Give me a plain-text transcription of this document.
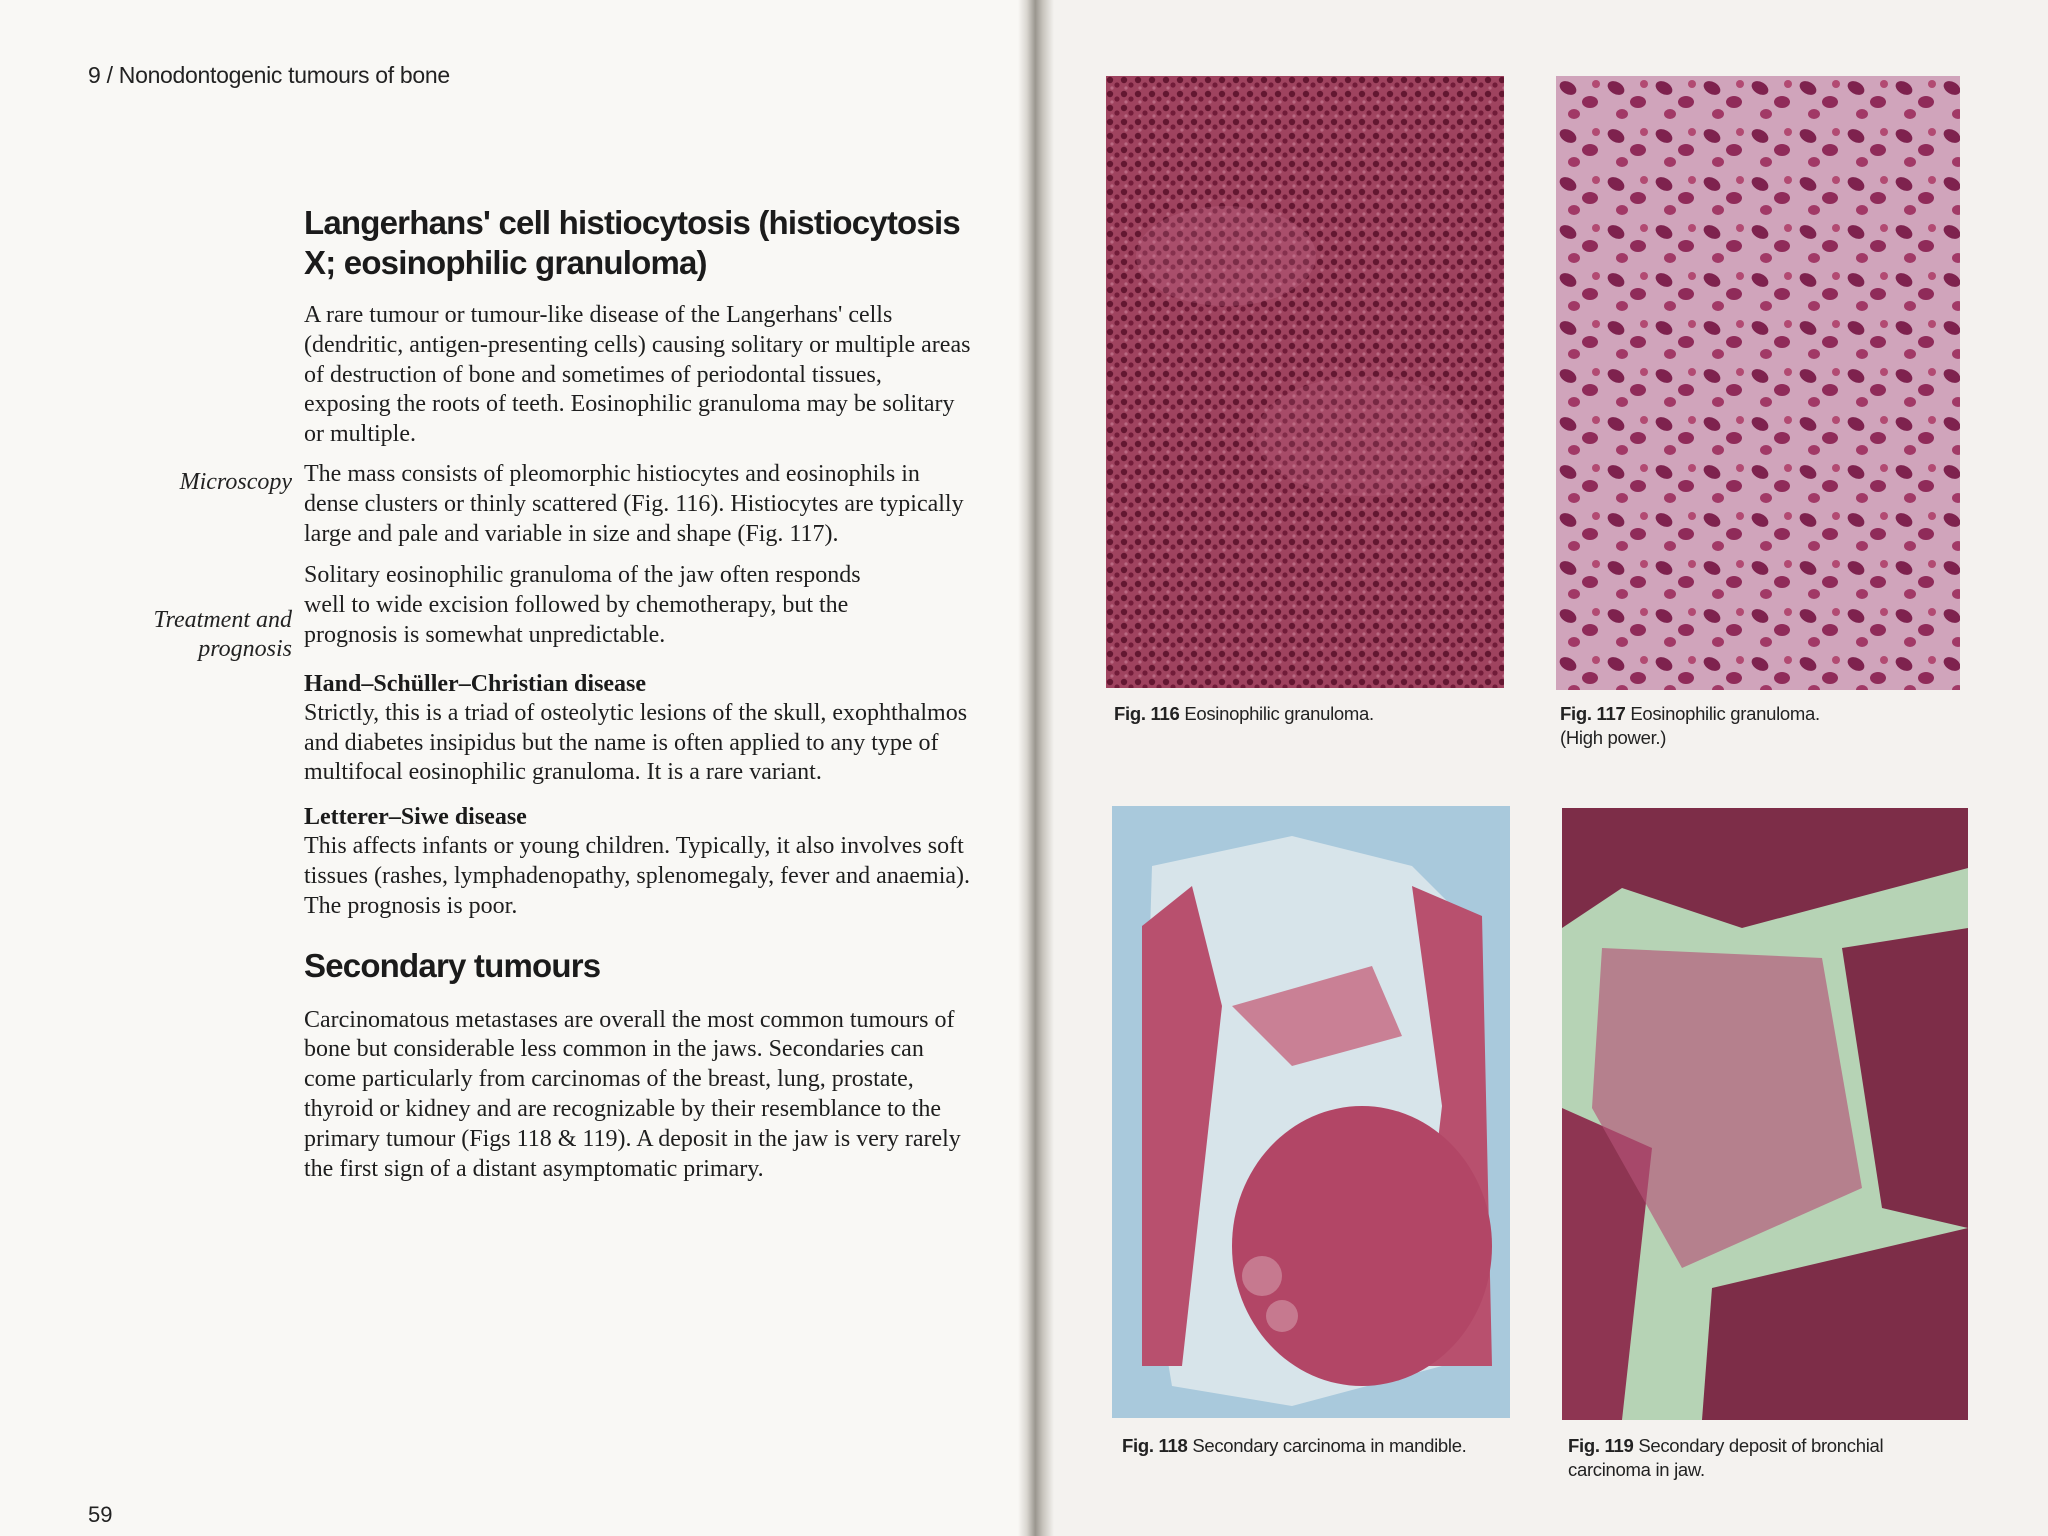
9 / Nonodontogenic tumours of bone
Langerhans' cell histiocytosis (histiocytosis X; eosinophilic granuloma)

A rare tumour or tumour-like disease of the Langerhans' cells (dendritic, antigen-presenting cells) causing solitary or multiple areas of destruction of bone and sometimes of periodontal tissues, exposing the roots of teeth. Eosinophilic granuloma may be solitary or multiple.

The mass consists of pleomorphic histiocytes and eosinophils in dense clusters or thinly scattered (Fig. 116). Histiocytes are typically large and pale and variable in size and shape (Fig. 117).

Solitary eosinophilic granuloma of the jaw often responds well to wide excision followed by chemotherapy, but the prognosis is somewhat unpredictable.

Hand–Schüller–Christian disease

Strictly, this is a triad of osteolytic lesions of the skull, exophthalmos and diabetes insipidus but the name is often applied to any type of multifocal eosinophilic granuloma. It is a rare variant.

Letterer–Siwe disease

This affects infants or young children. Typically, it also involves soft tissues (rashes, lymphadenopathy, splenomegaly, fever and anaemia). The prognosis is poor.

Secondary tumours

Carcinomatous metastases are overall the most common tumours of bone but considerable less common in the jaws. Secondaries can come particularly from carcinomas of the breast, lung, prostate, thyroid or kidney and are recognizable by their resemblance to the primary tumour (Figs 118 & 119). A deposit in the jaw is very rarely the first sign of a distant asymptomatic primary.

Microscopy
Treatment and
prognosis
59
Fig. 116 Eosinophilic granuloma.	Fig. 117 Eosinophilic granuloma.
(High power.)
Fig. 118 Secondary carcinoma in mandible.	Fig. 119 Secondary deposit of bronchial
carcinoma in jaw.
